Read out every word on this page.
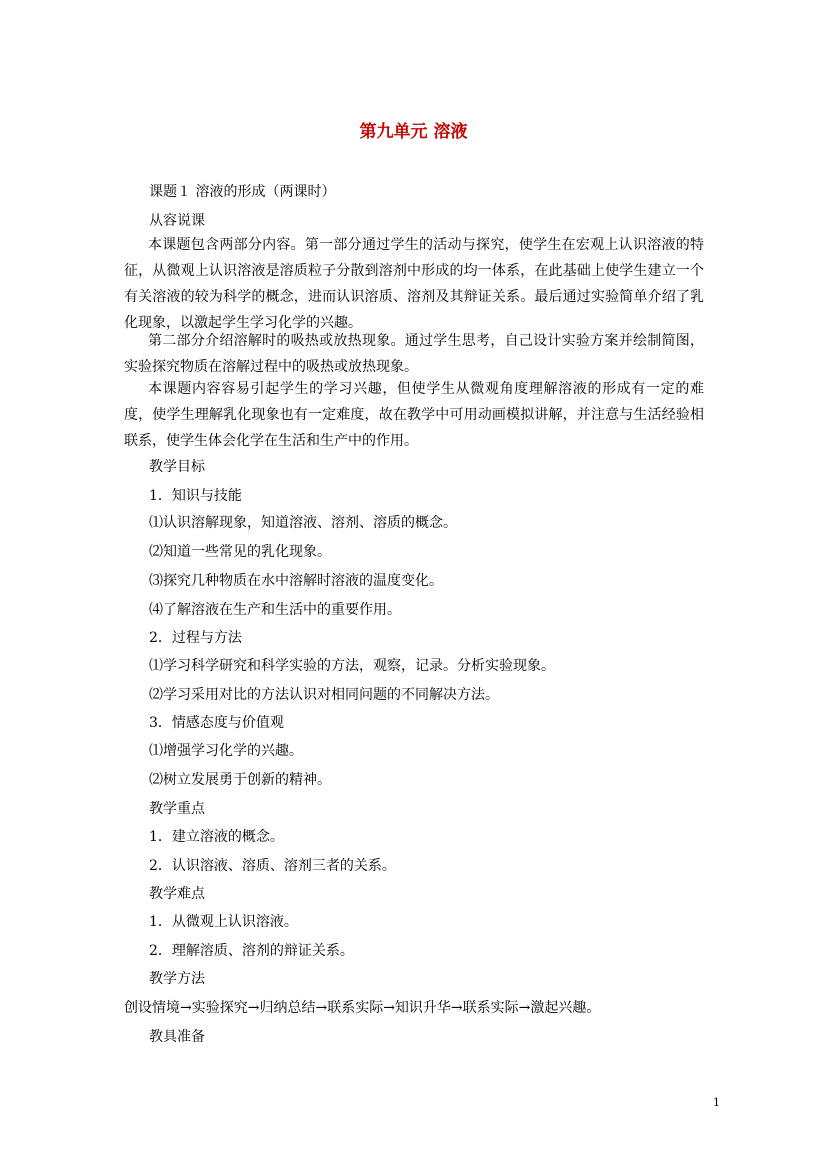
第九单元 溶液
课题１ 溶液的形成（两课时）
从容说课

本课题包含两部分内容。第一部分通过学生的活动与探究，使学生在宏观上认识溶液的特征，从微观上认识溶液是溶质粒子分散到溶剂中形成的均一体系，在此基础上使学生建立一个有关溶液的较为科学的概念，进而认识溶质、溶剂及其辩证关系。最后通过实验简单介绍了乳化现象，以激起学生学习化学的兴趣。

第二部分介绍溶解时的吸热或放热现象。通过学生思考，自己设计实验方案并绘制简图，实验探究物质在溶解过程中的吸热或放热现象。

本课题内容容易引起学生的学习兴趣，但使学生从微观角度理解溶液的形成有一定的难度，使学生理解乳化现象也有一定难度，故在教学中可用动画模拟讲解，并注意与生活经验相联系，使学生体会化学在生活和生产中的作用。

教学目标
1．知识与技能
⑴认识溶解现象，知道溶液、溶剂、溶质的概念。
⑵知道一些常见的乳化现象。
⑶探究几种物质在水中溶解时溶液的温度变化。
⑷了解溶液在生产和生活中的重要作用。
2．过程与方法
⑴学习科学研究和科学实验的方法，观察，记录。分析实验现象。
⑵学习采用对比的方法认识对相同问题的不同解决方法。
3．情感态度与价值观
⑴增强学习化学的兴趣。
⑵树立发展勇于创新的精神。
教学重点
1．建立溶液的概念。
2．认识溶液、溶质、溶剂三者的关系。
教学难点
1．从微观上认识溶液。
2．理解溶质、溶剂的辩证关系。
教学方法
创设情境→实验探究→归纳总结→联系实际→知识升华→联系实际→激起兴趣。
教具准备
1
